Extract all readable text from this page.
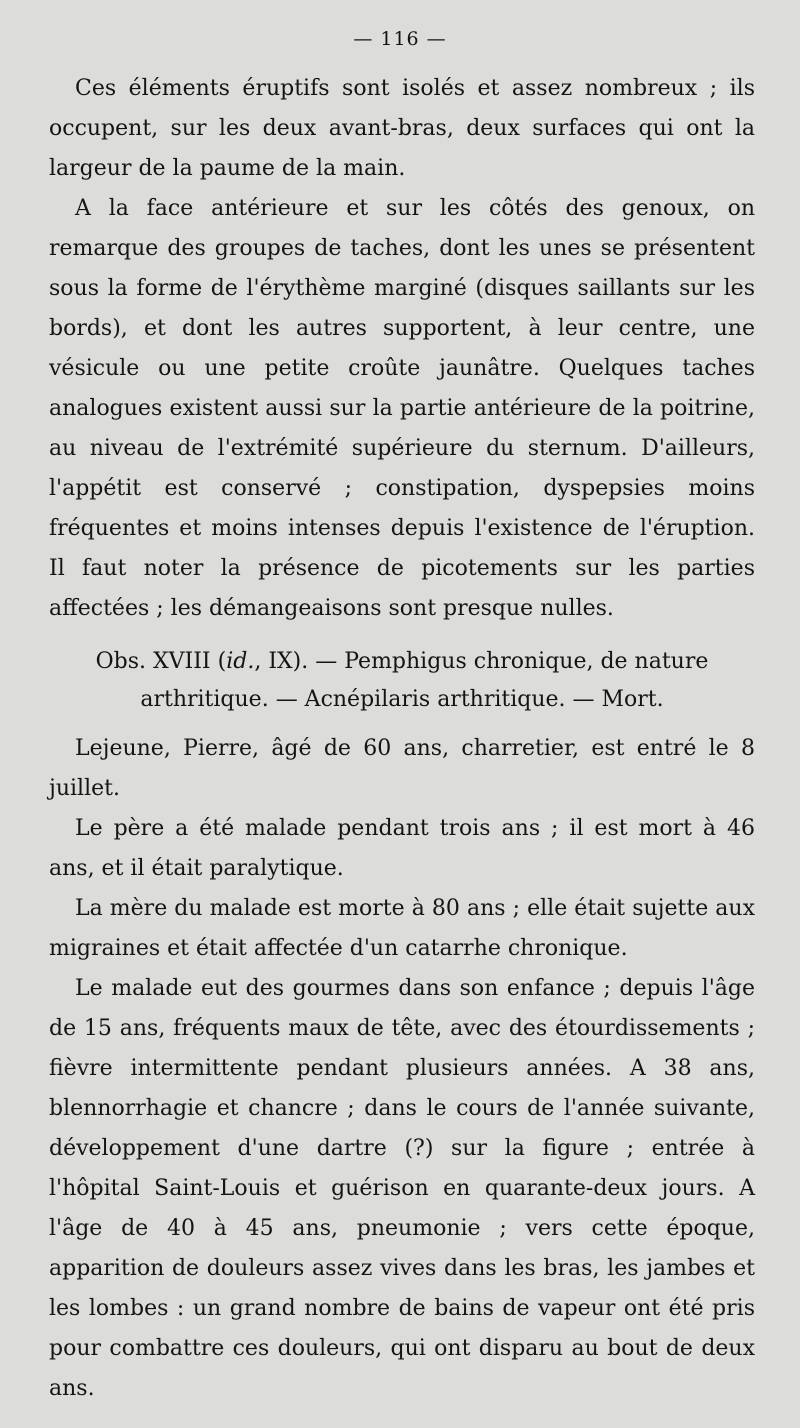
— 116 —

Ces éléments éruptifs sont isolés et assez nombreux ; ils occupent, sur les deux avant-bras, deux surfaces qui ont la largeur de la paume de la main.

A la face antérieure et sur les côtés des genoux, on remarque des groupes de taches, dont les unes se présentent sous la forme de l'érythème marginé (disques saillants sur les bords), et dont les autres supportent, à leur centre, une vésicule ou une petite croûte jaunâtre. Quelques taches analogues existent aussi sur la partie antérieure de la poitrine, au niveau de l'extrémité supérieure du sternum. D'ailleurs, l'appétit est conservé ; constipation, dyspepsies moins fréquentes et moins intenses depuis l'existence de l'éruption. Il faut noter la présence de picotements sur les parties affectées ; les démangeaisons sont presque nulles.

Obs. XVIII (id., IX). — Pemphigus chronique, de nature
arthritique. — Acnépilaris arthritique. — Mort.

Lejeune, Pierre, âgé de 60 ans, charretier, est entré le 8 juillet.

Le père a été malade pendant trois ans ; il est mort à 46 ans, et il était paralytique.

La mère du malade est morte à 80 ans ; elle était sujette aux migraines et était affectée d'un catarrhe chronique.

Le malade eut des gourmes dans son enfance ; depuis l'âge de 15 ans, fréquents maux de tête, avec des étourdissements ; fièvre intermittente pendant plusieurs années. A 38 ans, blennorrhagie et chancre ; dans le cours de l'année suivante, développement d'une dartre (?) sur la figure ; entrée à l'hôpital Saint-Louis et guérison en quarante-deux jours. A l'âge de 40 à 45 ans, pneumonie ; vers cette époque, apparition de douleurs assez vives dans les bras, les jambes et les lombes : un grand nombre de bains de vapeur ont été pris pour combattre ces douleurs, qui ont disparu au bout de deux ans.
